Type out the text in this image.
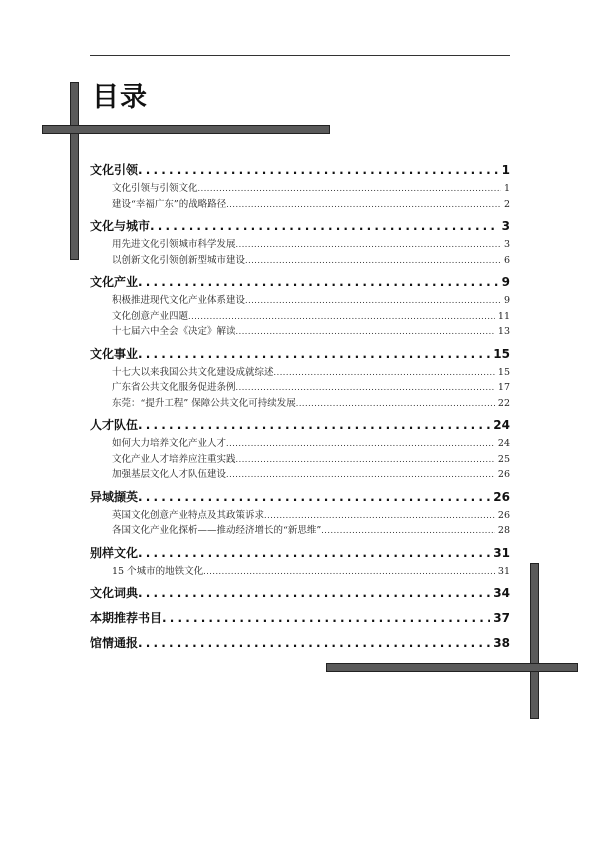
目录
文化引领 . . .	1
文化引领与引领文化 . . .	1
建设“幸福广东”的战略路径 . . .	2
文化与城市 . . .	3
用先进文化引领城市科学发展 . . .	3
以创新文化引领创新型城市建设 . . .	6
文化产业 . . .	9
积极推进现代文化产业体系建设 . . .	9
文化创意产业四题 . . .	11
十七届六中全会《决定》解读 . . .	13
文化事业 . . .	15
十七大以来我国公共文化建设成就综述 . . .	15
广东省公共文化服务促进条例 . . .	17
东莞：“提升工程” 保障公共文化可持续发展 . . .	22
人才队伍 . . .	24
如何大力培养文化产业人才 . . .	24
文化产业人才培养应注重实践 . . .	25
加强基层文化人才队伍建设 . . .	26
异域撷英 . . .	26
英国文化创意产业特点及其政策诉求 . . .	26
各国文化产业化探析——推动经济增长的“新思维” . . .	28
别样文化 . . .	31
15 个城市的地铁文化 . . .	31
文化词典 . . .	34
本期推荐书目 . . .	37
馆情通报 . . .	38
